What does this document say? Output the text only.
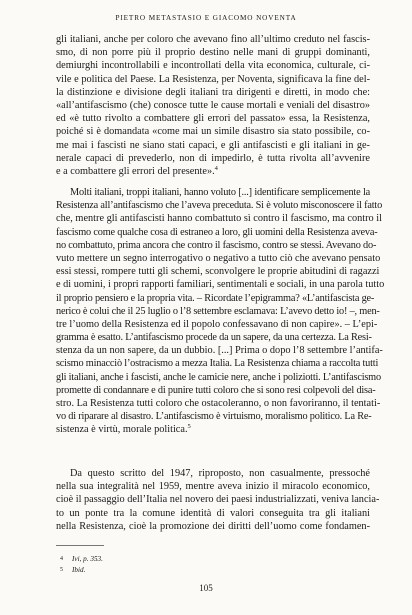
PIETRO METASTASIO E GIACOMO NOVENTA

gli italiani, anche per coloro che avevano fino all’ultimo creduto nel fascis-
smo, di non porre più il proprio destino nelle mani di gruppi dominanti,
demiurghi incontrollabili e incontrollati della vita economica, culturale, ci-
vile e politica del Paese. La Resistenza, per Noventa, significava la fine del-
la distinzione e divisione degli italiani tra dirigenti e diretti, in modo che:
«all’antifascismo (che) conosce tutte le cause mortali e veniali del disastro»
ed «è tutto rivolto a combattere gli errori del passato» essa, la Resistenza,
poiché si è domandata «come mai un simile disastro sia stato possibile, co-
me mai i fascisti ne siano stati capaci, e gli antifascisti e gli italiani in ge-
nerale capaci di prevederlo, non di impedirlo, è tutta rivolta all’avvenire
e a combattere gli errori del presente».$^4$

Molti italiani, troppi italiani, hanno voluto [...] identificare semplicemente la
Resistenza all’antifascismo che l’aveva preceduta. Si è voluto misconoscere il fatto
che, mentre gli antifascisti hanno combattuto sì contro il fascismo, ma contro il
fascismo come qualche cosa di estraneo a loro, gli uomini della Resistenza aveva-
no combattuto, prima ancora che contro il fascismo, contro se stessi. Avevano do-
vuto mettere un segno interrogativo o negativo a tutto ciò che avevano pensato
essi stessi, rompere tutti gli schemi, sconvolgere le proprie abitudini di ragazzi
e di uomini, i propri rapporti familiari, sentimentali e sociali, in una parola tutto
il proprio pensiero e la propria vita. – Ricordate l’epigramma? «L’antifascista ge-
nerico è colui che il 25 luglio o l’8 settembre esclamava: L’avevo detto io! –, men-
tre l’uomo della Resistenza ed il popolo confessavano di non capire». – L’epi-
gramma è esatto. L’antifascismo procede da un sapere, da una certezza. La Resi-
stenza da un non sapere, da un dubbio. [...] Prima o dopo l’8 settembre l’antifa-
scismo minacciò l’ostracismo a mezza Italia. La Resistenza chiama a raccolta tutti
gli italiani, anche i fascisti, anche le camicie nere, anche i poliziotti. L’antifascismo
promette di condannare e di punire tutti coloro che si sono resi colpevoli del disa-
stro. La Resistenza tutti coloro che ostacoleranno, o non favoriranno, il tentati-
vo di riparare al disastro. L’antifascismo è virtuismo, moralismo politico. La Re-
sistenza è virtù, morale politica.$^5$

Da questo scritto del 1947, riproposto, non casualmente, pressoché
nella sua integralità nel 1959, mentre aveva inizio il miracolo economico,
cioè il passaggio dell’Italia nel novero dei paesi industrializzati, veniva lancia-
to un ponte tra la comune identità di valori conseguita tra gli italiani
nella Resistenza, cioè la promozione dei diritti dell’uomo come fondamen-

4 Ivi, p. 353.
5 Ibid.
105
